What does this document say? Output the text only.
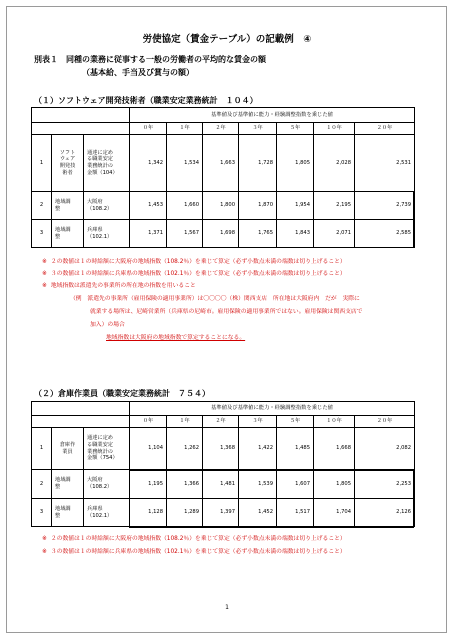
労使協定（賃金テーブル）の記載例　④
別表１　同種の業務に従事する一般の労働者の平均的な賃金の額
（基本給、手当及び賞与の額）
（１）ソフトウェア開発技術者（職業安定業務統計　１０４）
			基準値及び基準値に能力・経験調整指数を乗じた値						
			０年	１年	２年	３年	５年	１０年	２０年
1	ソフト
ウェア
開発技
術者	通達に定め
る職業安定
業務統計の
金額（104）	1,342	1,534	1,663	1,728	1,805	2,028	2,531
2	地域調
整	大阪府
（108.2）	1,453	1,660	1,800	1,870	1,954	2,195	2,739
3	地域調
整	兵庫県
（102.1）	1,371	1,567	1,698	1,765	1,843	2,071	2,585
※ ２の数値は１の時給額に大阪府の地域指数（108.2％）を乗じて算定（必ず小数点未満の端数は切り上げること）
※ ３の数値は１の時給額に兵庫県の地域指数（102.1％）を乗じて算定（必ず小数点未満の端数は切り上げること）
※ 地域指数は派遣先の事業所の所在地の指数を用いること
（例　派遣先の事業所（雇用保険の適用事業所）は〇〇〇〇（株）関西支店　所在地は大阪府内　だが　実際に
就業する場所は、尼崎営業所（兵庫県の尼崎市。雇用保険の適用事業所ではない。雇用保険は関西支店で
加入）の場合
地域指数は大阪府の地域指数で算定することになる。
（２）倉庫作業員（職業安定業務統計　７５４）
			基準値及び基準値に能力・経験調整指数を乗じた値						
			０年	１年	２年	３年	５年	１０年	２０年
1	倉庫作
業員	通達に定め
る職業安定
業務統計の
金額（754）	1,104	1,262	1,368	1,422	1,485	1,668	2,082
2	地域調
整	大阪府
（108.2）	1,195	1,366	1,481	1,539	1,607	1,805	2,253
3	地域調
整	兵庫県
（102.1）	1,128	1,289	1,397	1,452	1,517	1,704	2,126
※ ２の数値は１の時給額に大阪府の地域指数（108.2％）を乗じて算定（必ず小数点未満の端数は切り上げること）
※ ３の数値は１の時給額に兵庫県の地域指数（102.1％）を乗じて算定（必ず小数点未満の端数は切り上げること）
1
